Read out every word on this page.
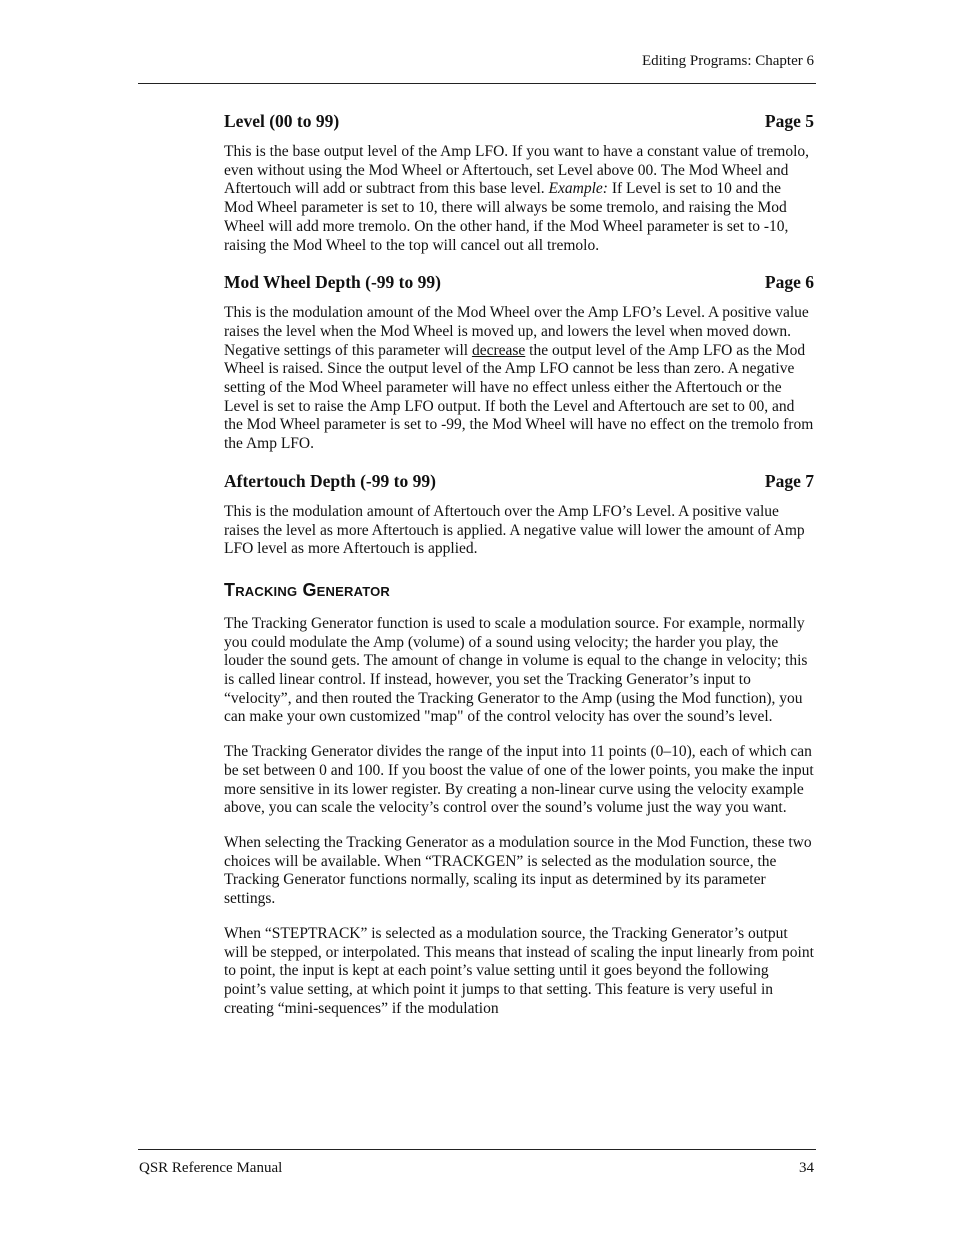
Editing Programs: Chapter 6
Level (00 to 99)	Page 5

This is the base output level of the Amp LFO. If you want to have a constant value of tremolo, even without using the Mod Wheel or Aftertouch, set Level above 00. The Mod Wheel and Aftertouch will add or subtract from this base level. Example: If Level is set to 10 and the Mod Wheel parameter is set to 10, there will always be some tremolo, and raising the Mod Wheel will add more tremolo. On the other hand, if the Mod Wheel parameter is set to -10, raising the Mod Wheel to the top will cancel out all tremolo.

Mod Wheel Depth (-99 to 99)	Page 6

This is the modulation amount of the Mod Wheel over the Amp LFO’s Level. A positive value raises the level when the Mod Wheel is moved up, and lowers the level when moved down. Negative settings of this parameter will decrease the output level of the Amp LFO as the Mod Wheel is raised. Since the output level of the Amp LFO cannot be less than zero. A negative setting of the Mod Wheel parameter will have no effect unless either the Aftertouch or the Level is set to raise the Amp LFO output. If both the Level and Aftertouch are set to 00, and the Mod Wheel parameter is set to -99, the Mod Wheel will have no effect on the tremolo from the Amp LFO.

Aftertouch Depth (-99 to 99)	Page 7

This is the modulation amount of Aftertouch over the Amp LFO’s Level. A positive value raises the level as more Aftertouch is applied. A negative value will lower the amount of Amp LFO level as more Aftertouch is applied.

Tracking Generator

The Tracking Generator function is used to scale a modulation source. For example, normally you could modulate the Amp (volume) of a sound using velocity; the harder you play, the louder the sound gets. The amount of change in volume is equal to the change in velocity; this is called linear control. If instead, however, you set the Tracking Generator’s input to “velocity”, and then routed the Tracking Generator to the Amp (using the Mod function), you can make your own customized "map" of the control velocity has over the sound’s level.

The Tracking Generator divides the range of the input into 11 points (0–10), each of which can be set between 0 and 100. If you boost the value of one of the lower points, you make the input more sensitive in its lower register. By creating a non-linear curve using the velocity example above, you can scale the velocity’s control over the sound’s volume just the way you want.

When selecting the Tracking Generator as a modulation source in the Mod Function, these two choices will be available. When “TRACKGEN” is selected as the modulation source, the Tracking Generator functions normally, scaling its input as determined by its parameter settings.

When “STEPTRACK” is selected as a modulation source, the Tracking Generator’s output will be stepped, or interpolated. This means that instead of scaling the input linearly from point to point, the input is kept at each point’s value setting until it goes beyond the following point’s value setting, at which point it jumps to that setting. This feature is very useful in creating “mini-sequences” if the modulation

QSR Reference Manual	34
